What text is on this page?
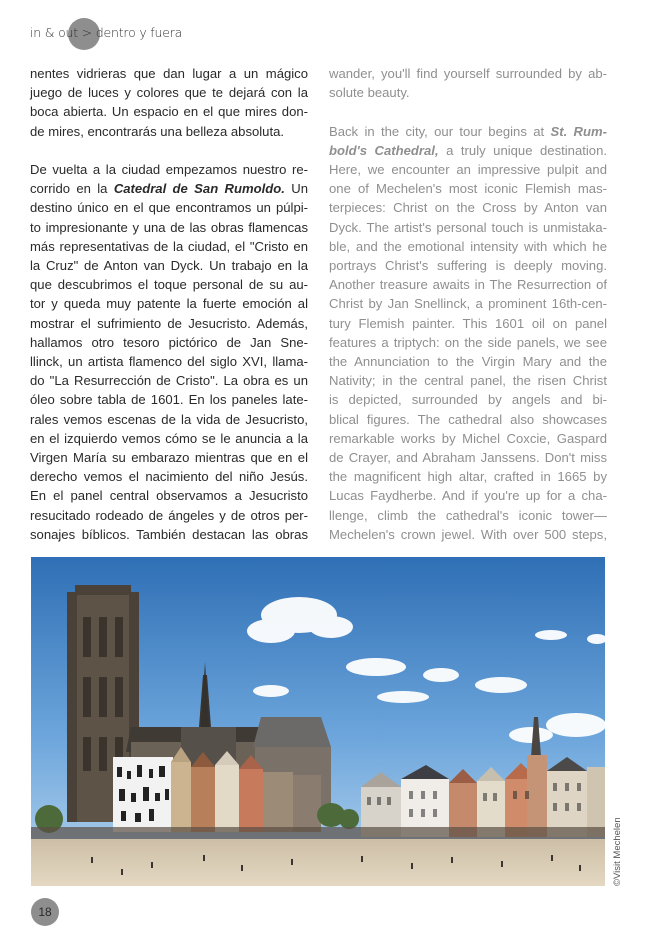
in & out > dentro y fuera

nentes vidrieras que dan lugar a un mágico
juego de luces y colores que te dejará con la
boca abierta. Un espacio en el que mires don-
de mires, encontrarás una belleza absoluta.

De vuelta a la ciudad empezamos nuestro re-
corrido en la Catedral de San Rumoldo. Un
destino único en el que encontramos un púlpi-
to impresionante y una de las obras flamencas
más representativas de la ciudad, el "Cristo en
la Cruz" de Anton van Dyck. Un trabajo en la
que descubrimos el toque personal de su au-
tor y queda muy patente la fuerte emoción al
mostrar el sufrimiento de Jesucristo. Además,
hallamos otro tesoro pictórico de Jan Sne-
llinck, un artista flamenco del siglo XVI, llama-
do "La Resurrección de Cristo". La obra es un
óleo sobre tabla de 1601. En los paneles late-
rales vemos escenas de la vida de Jesucristo,
en el izquierdo vemos cómo se le anuncia a la
Virgen María su embarazo mientras que en el
derecho vemos el nacimiento del niño Jesús.
En el panel central observamos a Jesucristo
resucitado rodeado de ángeles y de otros per-
sonajes bíblicos. También destacan las obras

wander, you'll find yourself surrounded by ab-
solute beauty.

Back in the city, our tour begins at St. Rum-
bold's Cathedral, a truly unique destination.
Here, we encounter an impressive pulpit and
one of Mechelen's most iconic Flemish mas-
terpieces: Christ on the Cross by Anton van
Dyck. The artist's personal touch is unmistaka-
ble, and the emotional intensity with which he
portrays Christ's suffering is deeply moving.
Another treasure awaits in The Resurrection of
Christ by Jan Snellinck, a prominent 16th-cen-
tury Flemish painter. This 1601 oil on panel
features a triptych: on the side panels, we see
the Annunciation to the Virgin Mary and the
Nativity; in the central panel, the risen Christ
is depicted, surrounded by angels and bi-
blical figures. The cathedral also showcases
remarkable works by Michel Coxcie, Gaspard
de Crayer, and Abraham Janssens. Don't miss
the magnificent high altar, crafted in 1665 by
Lucas Faydherbe. And if you're up for a cha-
llenge, climb the cathedral's iconic tower—
Mechelen's crown jewel. With over 500 steps,

©Visit Mechelen
18
